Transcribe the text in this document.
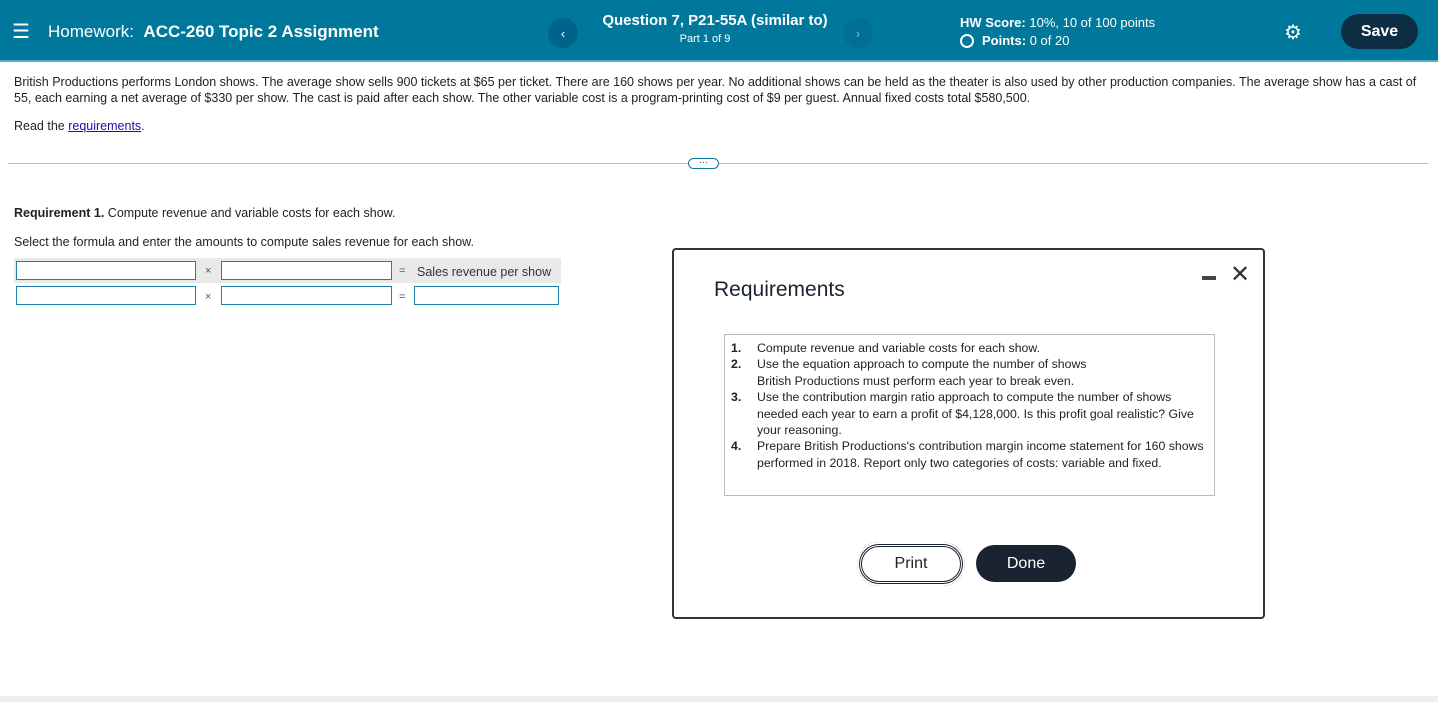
☰ Homework: ACC-260 Topic 2 Assignment	‹
Question 7, P21-55A (similar to)
Part 1 of 9	›
HW Score: 10%, 10 of 100 points
Points: 0 of 20	⚙	Save
British Productions performs London shows. The average show sells 900 tickets at $65 per ticket. There are 160 shows per year. No additional shows can be held as the theater is also used by other production companies. The average show has a cast of 55, each earning a net average of $330 per show. The cast is paid after each show. The other variable cost is a program-printing cost of $9 per guest. Annual fixed costs total $580,500.
Read the requirements.
···
Requirement 1. Compute revenue and variable costs for each show.
Select the formula and enter the amounts to compute sales revenue for each show.
×	= Sales revenue per show
×	=	Requirements
✕
1.	Compute revenue and variable costs for each show.
2.	Use the equation approach to compute the number of shows British Productions must perform each year to break even.
3.	Use the contribution margin ratio approach to compute the number of shows needed each year to earn a profit of $4,128,000. Is this profit goal realistic? Give your reasoning.
4.	Prepare British Productions's contribution margin income statement for 160 shows performed in 2018. Report only two categories of costs: variable and fixed.
Print	Done
